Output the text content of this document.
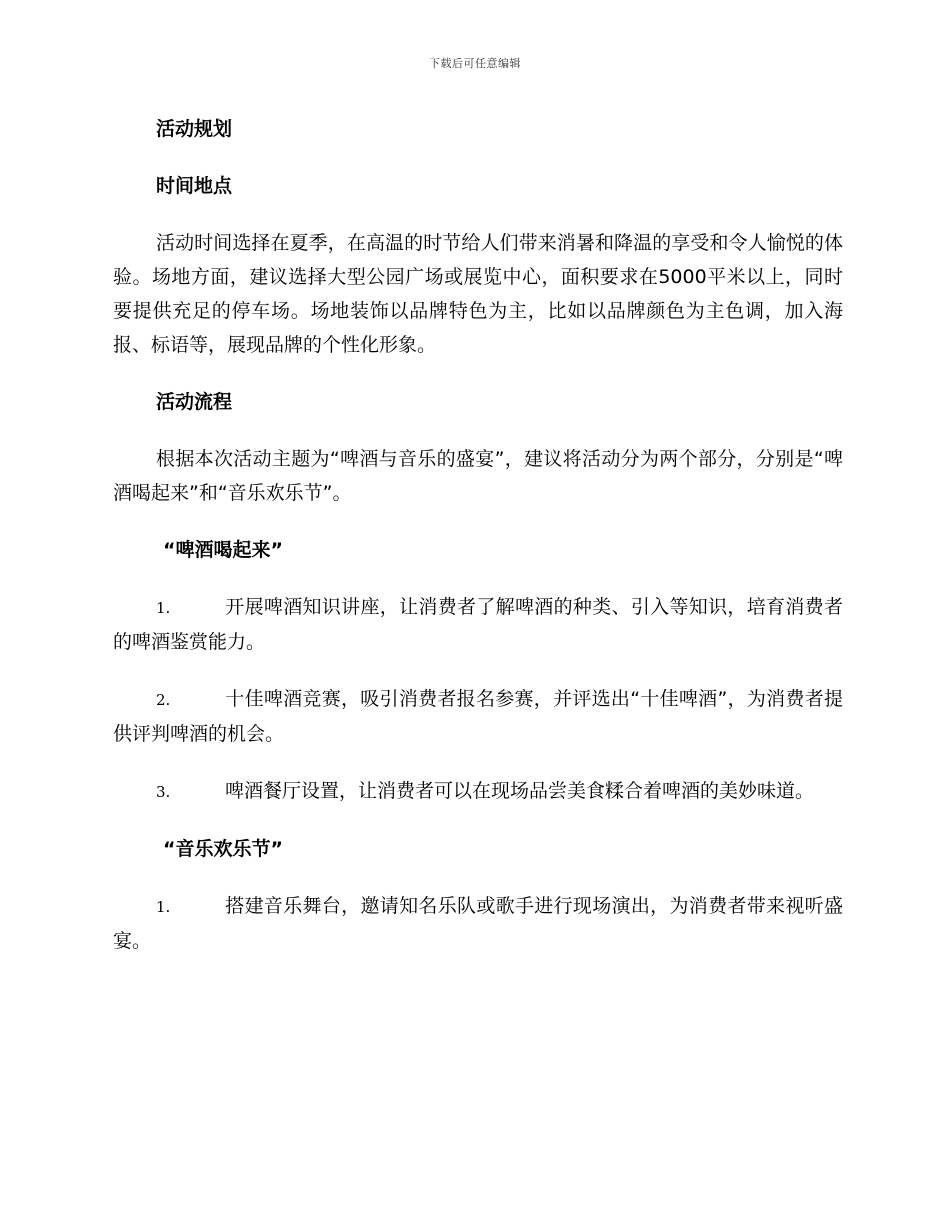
下载后可任意编辑
活动规划
时间地点

活动时间选择在夏季，在高温的时节给人们带来消暑和降温的享受和令人愉悦的体验。场地方面，建议选择大型公园广场或展览中心，面积要求在5000平米以上，同时要提供充足的停车场。场地装饰以品牌特色为主，比如以品牌颜色为主色调，加入海报、标语等，展现品牌的个性化形象。

活动流程

根据本次活动主题为“啤酒与音乐的盛宴”，建议将活动分为两个部分，分别是“啤酒喝起来”和“音乐欢乐节”。

“啤酒喝起来”
1.	开展啤酒知识讲座，让消费者了解啤酒的种类、引入等知识，培育消费者的啤酒鉴赏能力。
2.	十佳啤酒竞赛，吸引消费者报名参赛，并评选出“十佳啤酒”，为消费者提供评判啤酒的机会。
3.	啤酒餐厅设置，让消费者可以在现场品尝美食糅合着啤酒的美妙味道。
“音乐欢乐节”
1.	搭建音乐舞台，邀请知名乐队或歌手进行现场演出，为消费者带来视听盛宴。
